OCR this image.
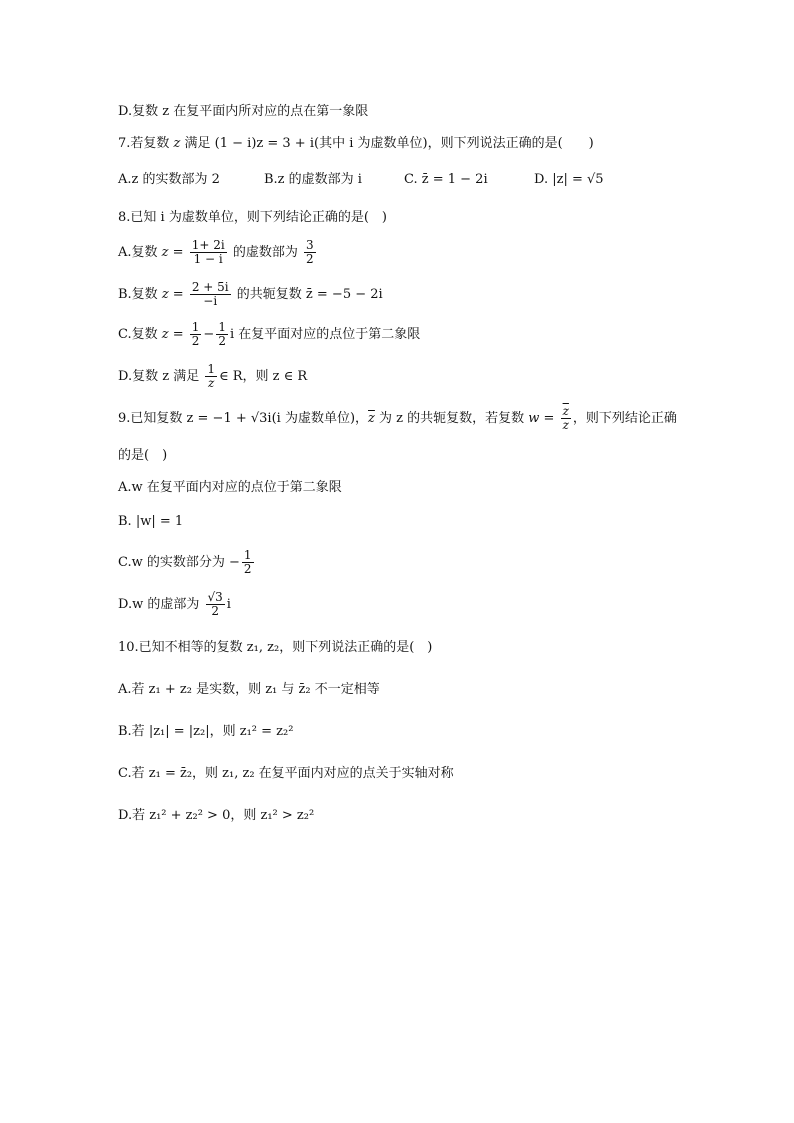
D.复数 z 在复平面内所对应的点在第一象限
7.若复数 z 满足 (1 − i)z = 3 + i(其中 i 为虚数单位)，则下列说法正确的是(　　)
A.z 的实数部为 2	B.z 的虚数部为 i	C. z̄ = 1 − 2i	D. |z| = √5
8.已知 i 为虚数单位，则下列结论正确的是(　)
A.复数 $z = \frac{1+ 2i}{1 - i}$ 的虚数部为 $\frac{3}{2}$
B.复数 $z = \frac{2 + 5i}{-i}$ 的共轭复数 z̄ = −5 − 2i
C.复数 $z = \frac{1}{2} - \frac{1}{2}$ i 在复平面对应的点位于第二象限
D.复数 z 满足 $\frac{1}{z}$ ∈ R，则 z ∈ R
9.已知复数 z = −1 + √3i(i 为虚数单位)，$\overline{z}$ 为 z 的共轭复数，若复数 $w = \frac{\overline{z}}{z}$ ，则下列结论正确
的是(　)
A.w 在复平面内对应的点位于第二象限
B. |w| = 1
C.w 的实数部分为 − $\frac{1}{2}$
D.w 的虚部为 $\frac{√3}{2}$ i
10.已知不相等的复数 z₁, z₂，则下列说法正确的是(　)
A.若 z₁ + z₂ 是实数，则 z₁ 与 z̄₂ 不一定相等
B.若 |z₁| = |z₂|，则 z₁² = z₂²
C.若 z₁ = z̄₂，则 z₁, z₂ 在复平面内对应的点关于实轴对称
D.若 z₁² + z₂² > 0，则 z₁² > z₂²
